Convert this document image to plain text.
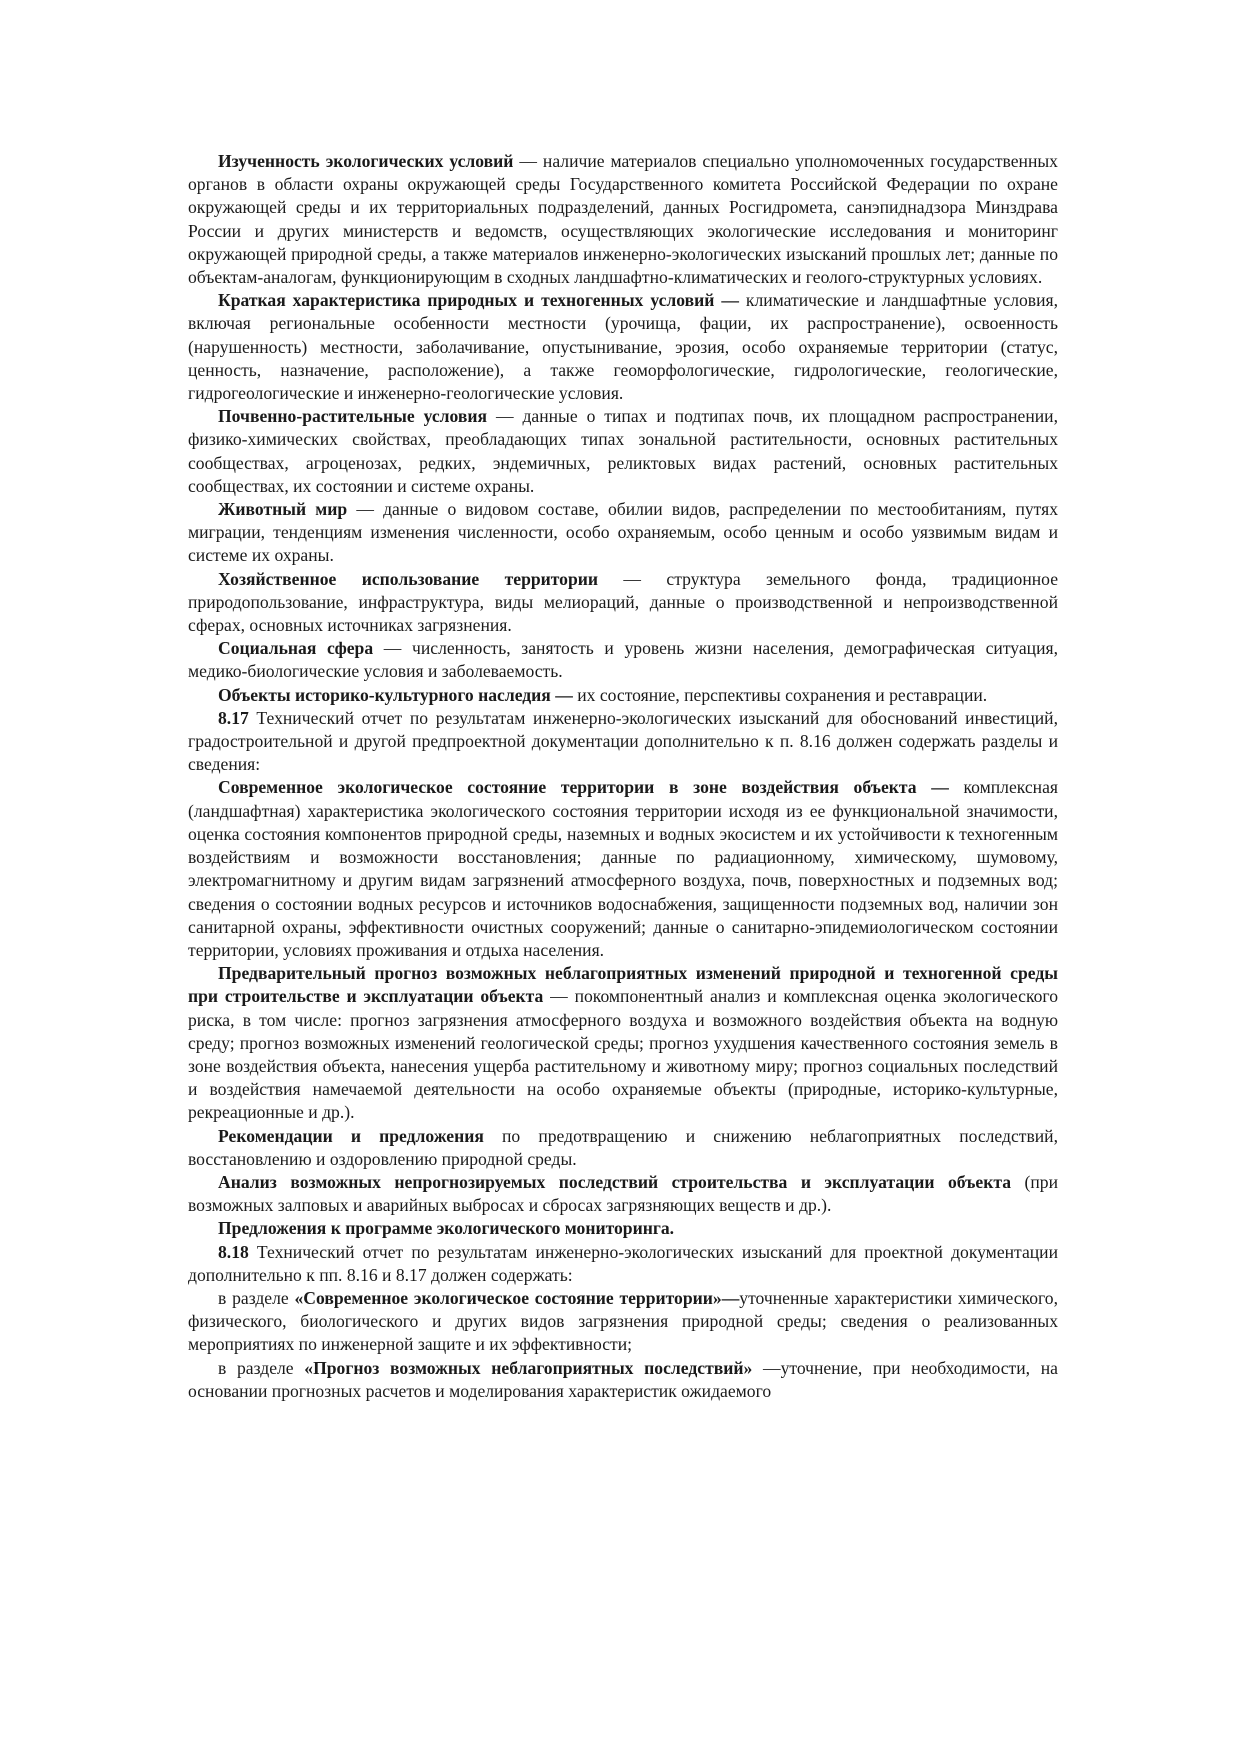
Изученность экологических условий — наличие материалов специально уполномоченных государственных органов в области охраны окружающей среды Государственного комитета Российской Федерации по охране окружающей среды и их территориальных подразделений, данных Росгидромета, санэпиднадзора Минздрава России и других министерств и ведомств, осуществляющих экологические исследования и мониторинг окружающей природной среды, а также материалов инженерно-экологических изысканий прошлых лет; данные по объектам-аналогам, функционирующим в сходных ландшафтно-климатических и геолого-структурных условиях.

Краткая характеристика природных и техногенных условий — климатические и ландшафтные условия, включая региональные особенности местности (урочища, фации, их распространение), освоенность (нарушенность) местности, заболачивание, опустынивание, эрозия, особо охраняемые территории (статус, ценность, назначение, расположение), а также геоморфологические, гидрологические, геологические, гидрогеологические и инженерно-геологические условия.

Почвенно-растительные условия — данные о типах и подтипах почв, их площадном распространении, физико-химических свойствах, преобладающих типах зональной растительности, основных растительных сообществах, агроценозах, редких, эндемичных, реликтовых видах растений, основных растительных сообществах, их состоянии и системе охраны.

Животный мир — данные о видовом составе, обилии видов, распределении по местообитаниям, путях миграции, тенденциям изменения численности, особо охраняемым, особо ценным и особо уязвимым видам и системе их охраны.

Хозяйственное использование территории — структура земельного фонда, традиционное природопользование, инфраструктура, виды мелиораций, данные о производственной и непроизводственной сферах, основных источниках загрязнения.

Социальная сфера — численность, занятость и уровень жизни населения, демографическая ситуация, медико-биологические условия и заболеваемость.

Объекты историко-культурного наследия — их состояние, перспективы сохранения и реставрации.

8.17 Технический отчет по результатам инженерно-экологических изысканий для обоснований инвестиций, градостроительной и другой предпроектной документации дополнительно к п. 8.16 должен содержать разделы и сведения:

Современное экологическое состояние территории в зоне воздействия объекта — комплексная (ландшафтная) характеристика экологического состояния территории исходя из ее функциональной значимости, оценка состояния компонентов природной среды, наземных и водных экосистем и их устойчивости к техногенным воздействиям и возможности восстановления; данные по радиационному, химическому, шумовому, электромагнитному и другим видам загрязнений атмосферного воздуха, почв, поверхностных и подземных вод; сведения о состоянии водных ресурсов и источников водоснабжения, защищенности подземных вод, наличии зон санитарной охраны, эффективности очистных сооружений; данные о санитарно-эпидемиологическом состоянии территории, условиях проживания и отдыха населения.

Предварительный прогноз возможных неблагоприятных изменений природной и техногенной среды при строительстве и эксплуатации объекта — покомпонентный анализ и комплексная оценка экологического риска, в том числе: прогноз загрязнения атмосферного воздуха и возможного воздействия объекта на водную среду; прогноз возможных изменений геологической среды; прогноз ухудшения качественного состояния земель в зоне воздействия объекта, нанесения ущерба растительному и животному миру; прогноз социальных последствий и воздействия намечаемой деятельности на особо охраняемые объекты (природные, историко-культурные, рекреационные и др.).

Рекомендации и предложения по предотвращению и снижению неблагоприятных последствий, восстановлению и оздоровлению природной среды.

Анализ возможных непрогнозируемых последствий строительства и эксплуатации объекта (при возможных залповых и аварийных выбросах и сбросах загрязняющих веществ и др.).

Предложения к программе экологического мониторинга.

8.18 Технический отчет по результатам инженерно-экологических изысканий для проектной документации дополнительно к пп. 8.16 и 8.17 должен содержать:

в разделе «Современное экологическое состояние территории»—уточненные характеристики химического, физического, биологического и других видов загрязнения природной среды; сведения о реализованных мероприятиях по инженерной защите и их эффективности;

в разделе «Прогноз возможных неблагоприятных последствий» —уточнение, при необходимости, на основании прогнозных расчетов и моделирования характеристик ожидаемого
